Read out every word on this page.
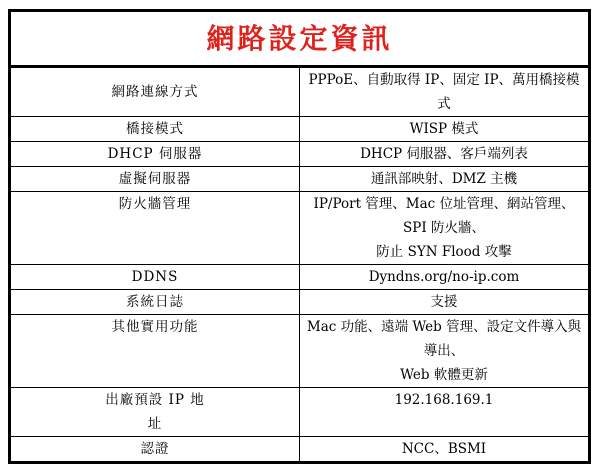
網路設定資訊	
網路連線方式	PPPoE、自動取得 IP、固定 IP、萬用橋接模式
橋接模式	WISP 模式
DHCP 伺服器	DHCP 伺服器、客戶端列表
虛擬伺服器	通訊部映射、DMZ 主機
防火牆管理	IP/Port 管理、Mac 位址管理、網站管理、SPI 防火牆、
防止 SYN Flood 攻擊

DDNS	Dyndns.org/no-ip.com
系統日誌	支援
其他實用功能	Mac 功能、遠端 Web 管理、設定文件導入與導出、
Web 軟體更新

出廠預設 IP 地
址	192.168.169.1
認證	NCC、BSMI
